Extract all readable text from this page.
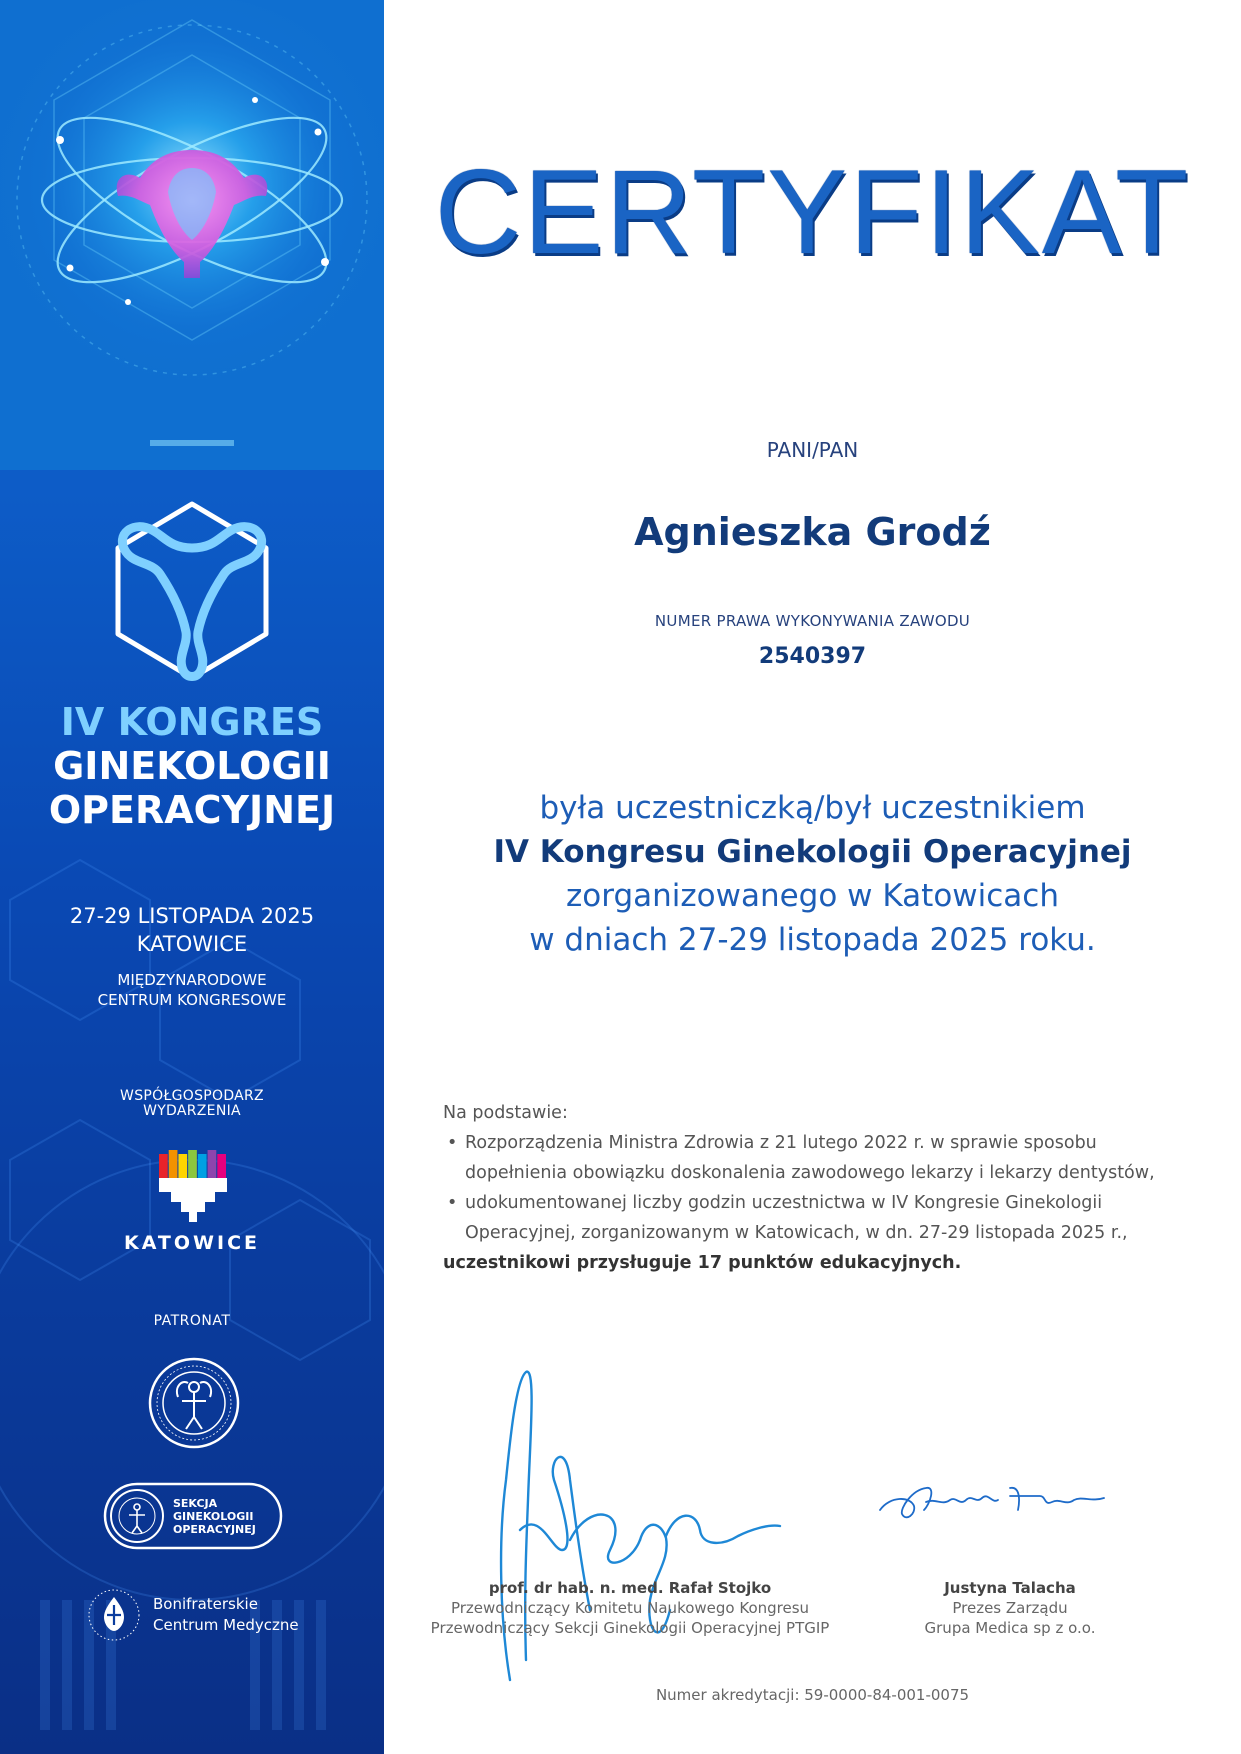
IV KONGRES
GINEKOLOGII
OPERACYJNEJ
27-29 LISTOPADA 2025
KATOWICE
MIĘDZYNARODOWE
CENTRUM KONGRESOWE
WSPÓŁGOSPODARZ
WYDARZENIA
KATOWICE
PATRONAT
SEKCJA
GINEKOLOGII
OPERACYJNEJ
Bonifraterskie
Centrum Medyczne
CERTYFIKAT
PANI/PAN
Agnieszka Grodź
NUMER PRAWA WYKONYWANIA ZAWODU
2540397
była uczestniczką/był uczestnikiem
IV Kongresu Ginekologii Operacyjnej
zorganizowanego w Katowicach
w dniach 27-29 listopada 2025 roku.
Na podstawie:
• Rozporządzenia Ministra Zdrowia z 21 lutego 2022 r. w sprawie sposobu
dopełnienia obowiązku doskonalenia zawodowego lekarzy i lekarzy dentystów,
• udokumentowanej liczby godzin uczestnictwa w IV Kongresie Ginekologii
Operacyjnej, zorganizowanym w Katowicach, w dn. 27-29 listopada 2025 r.,
uczestnikowi przysługuje 17 punktów edukacyjnych.
prof. dr hab. n. med. Rafał Stojko
Przewodniczący Komitetu Naukowego Kongresu
Przewodniczący Sekcji Ginekologii Operacyjnej PTGIP
Justyna Talacha
Prezes Zarządu
Grupa Medica sp z o.o.
Numer akredytacji: 59-0000-84-001-0075
